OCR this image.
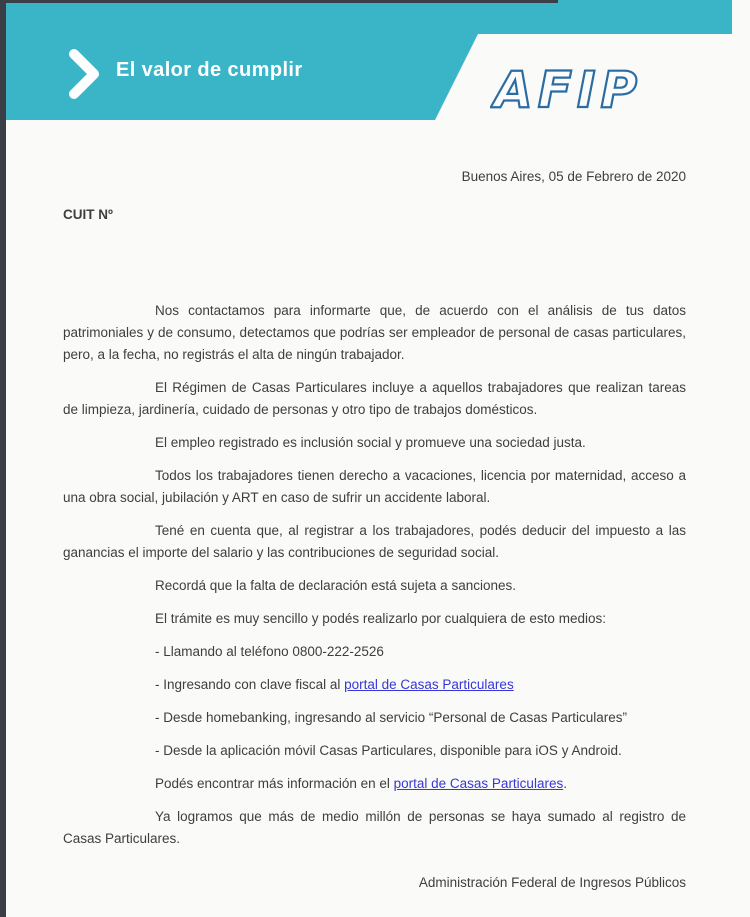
El valor de cumplir	AFIP
Buenos Aires, 05 de Febrero de 2020
CUIT Nº

Nos contactamos para informarte que, de acuerdo con el análisis de tus datos patrimoniales y de consumo, detectamos que podrías ser empleador de personal de casas particulares, pero, a la fecha, no registrás el alta de ningún trabajador.

El Régimen de Casas Particulares incluye a aquellos trabajadores que realizan tareas de limpieza, jardinería, cuidado de personas y otro tipo de trabajos domésticos.

El empleo registrado es inclusión social y promueve una sociedad justa.

Todos los trabajadores tienen derecho a vacaciones, licencia por maternidad, acceso a una obra social, jubilación y ART en caso de sufrir un accidente laboral.

Tené en cuenta que, al registrar a los trabajadores, podés deducir del impuesto a las ganancias el importe del salario y las contribuciones de seguridad social.

Recordá que la falta de declaración está sujeta a sanciones.

El trámite es muy sencillo y podés realizarlo por cualquiera de esto medios:

- Llamando al teléfono 0800-222-2526
- Ingresando con clave fiscal al portal de Casas Particulares
- Desde homebanking, ingresando al servicio “Personal de Casas Particulares”
- Desde la aplicación móvil Casas Particulares, disponible para iOS y Android.

Podés encontrar más información en el portal de Casas Particulares.

Ya logramos que más de medio millón de personas se haya sumado al registro de Casas Particulares.

Administración Federal de Ingresos Públicos
